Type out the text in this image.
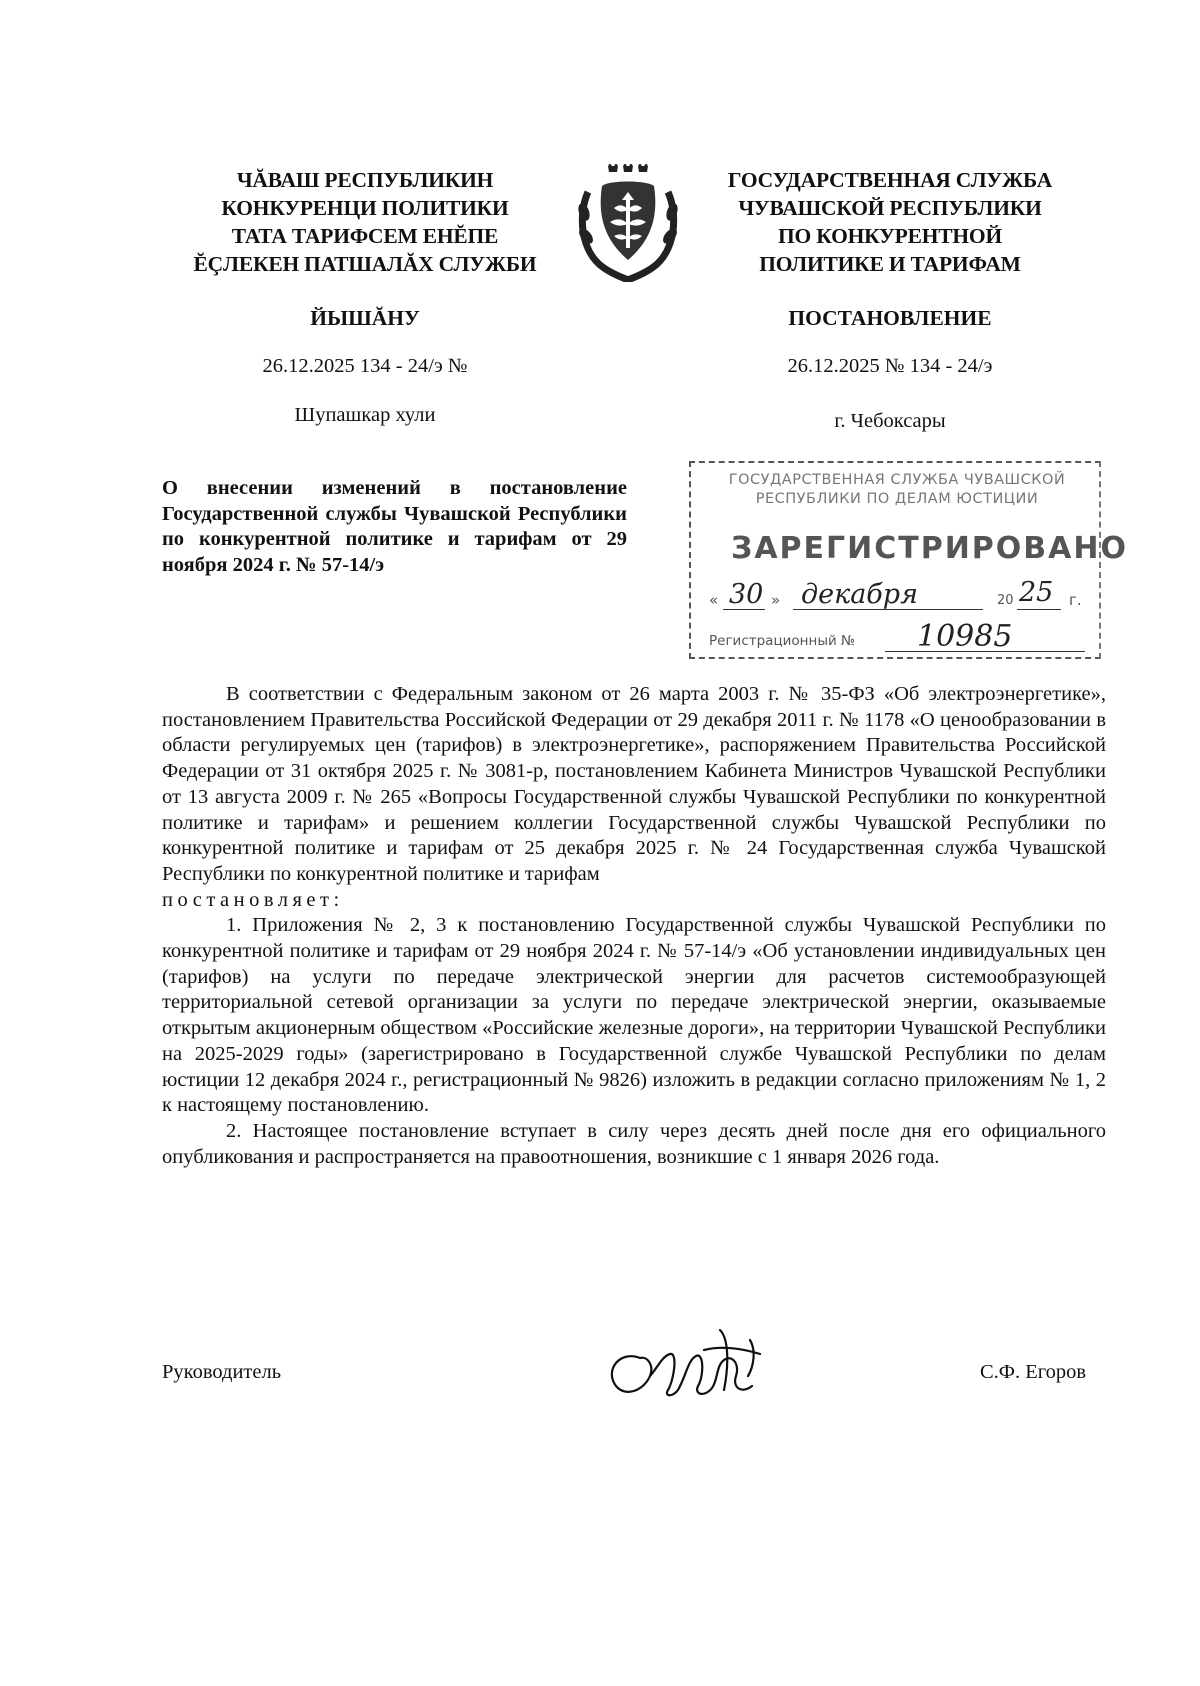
ЧĂВАШ РЕСПУБЛИКИН
КОНКУРЕНЦИ ПОЛИТИКИ
ТАТА ТАРИФСЕМ ЕНĔПЕ
ĔÇЛЕКЕН ПАТШАЛĂХ СЛУЖБИ
ГОСУДАРСТВЕННАЯ СЛУЖБА
ЧУВАШСКОЙ РЕСПУБЛИКИ
ПО КОНКУРЕНТНОЙ
ПОЛИТИКЕ И ТАРИФАМ
ЙЫШĂНУ	ПОСТАНОВЛЕНИЕ
26.12.2025 134 - 24/э №	26.12.2025 № 134 - 24/э
Шупашкар хули	г. Чебоксары
О внесении изменений в постановление Государственной службы Чувашской Республики по конкурентной политике и тарифам от 29 ноября 2024 г. № 57-14/э
ГОСУДАРСТВЕННАЯ СЛУЖБА ЧУВАШСКОЙ
РЕСПУБЛИКИ ПО ДЕЛАМ ЮСТИЦИИ
ЗАРЕГИСТРИРОВАНО
« 30 » декабря	20 25 г.
Регистрационный № 10985

В соответствии с Федеральным законом от 26 марта 2003 г. № 35-ФЗ «Об электроэнергетике», постановлением Правительства Российской Федерации от 29 декабря 2011 г. № 1178 «О ценообразовании в области регулируемых цен (тарифов) в электроэнергетике», распоряжением Правительства Российской Федерации от 31 октября 2025 г. № 3081-р, постановлением Кабинета Министров Чувашской Республики от 13 августа 2009 г. № 265 «Вопросы Государственной службы Чувашской Республики по конкурентной политике и тарифам» и решением коллегии Государственной службы Чувашской Республики по конкурентной политике и тарифам от 25 декабря 2025 г. № 24 Государственная служба Чувашской Республики по конкурентной политике и тарифам

постановляет:

1. Приложения № 2, 3 к постановлению Государственной службы Чувашской Республики по конкурентной политике и тарифам от 29 ноября 2024 г. № 57-14/э «Об установлении индивидуальных цен (тарифов) на услуги по передаче электрической энергии для расчетов системообразующей территориальной сетевой организации за услуги по передаче электрической энергии, оказываемые открытым акционерным обществом «Российские железные дороги», на территории Чувашской Республики на 2025-2029 годы» (зарегистрировано в Государственной службе Чувашской Республики по делам юстиции 12 декабря 2024 г., регистрационный № 9826) изложить в редакции согласно приложениям № 1, 2 к настоящему постановлению.

2. Настоящее постановление вступает в силу через десять дней после дня его официального опубликования и распространяется на правоотношения, возникшие с 1 января 2026 года.

Руководитель	С.Ф. Егоров
